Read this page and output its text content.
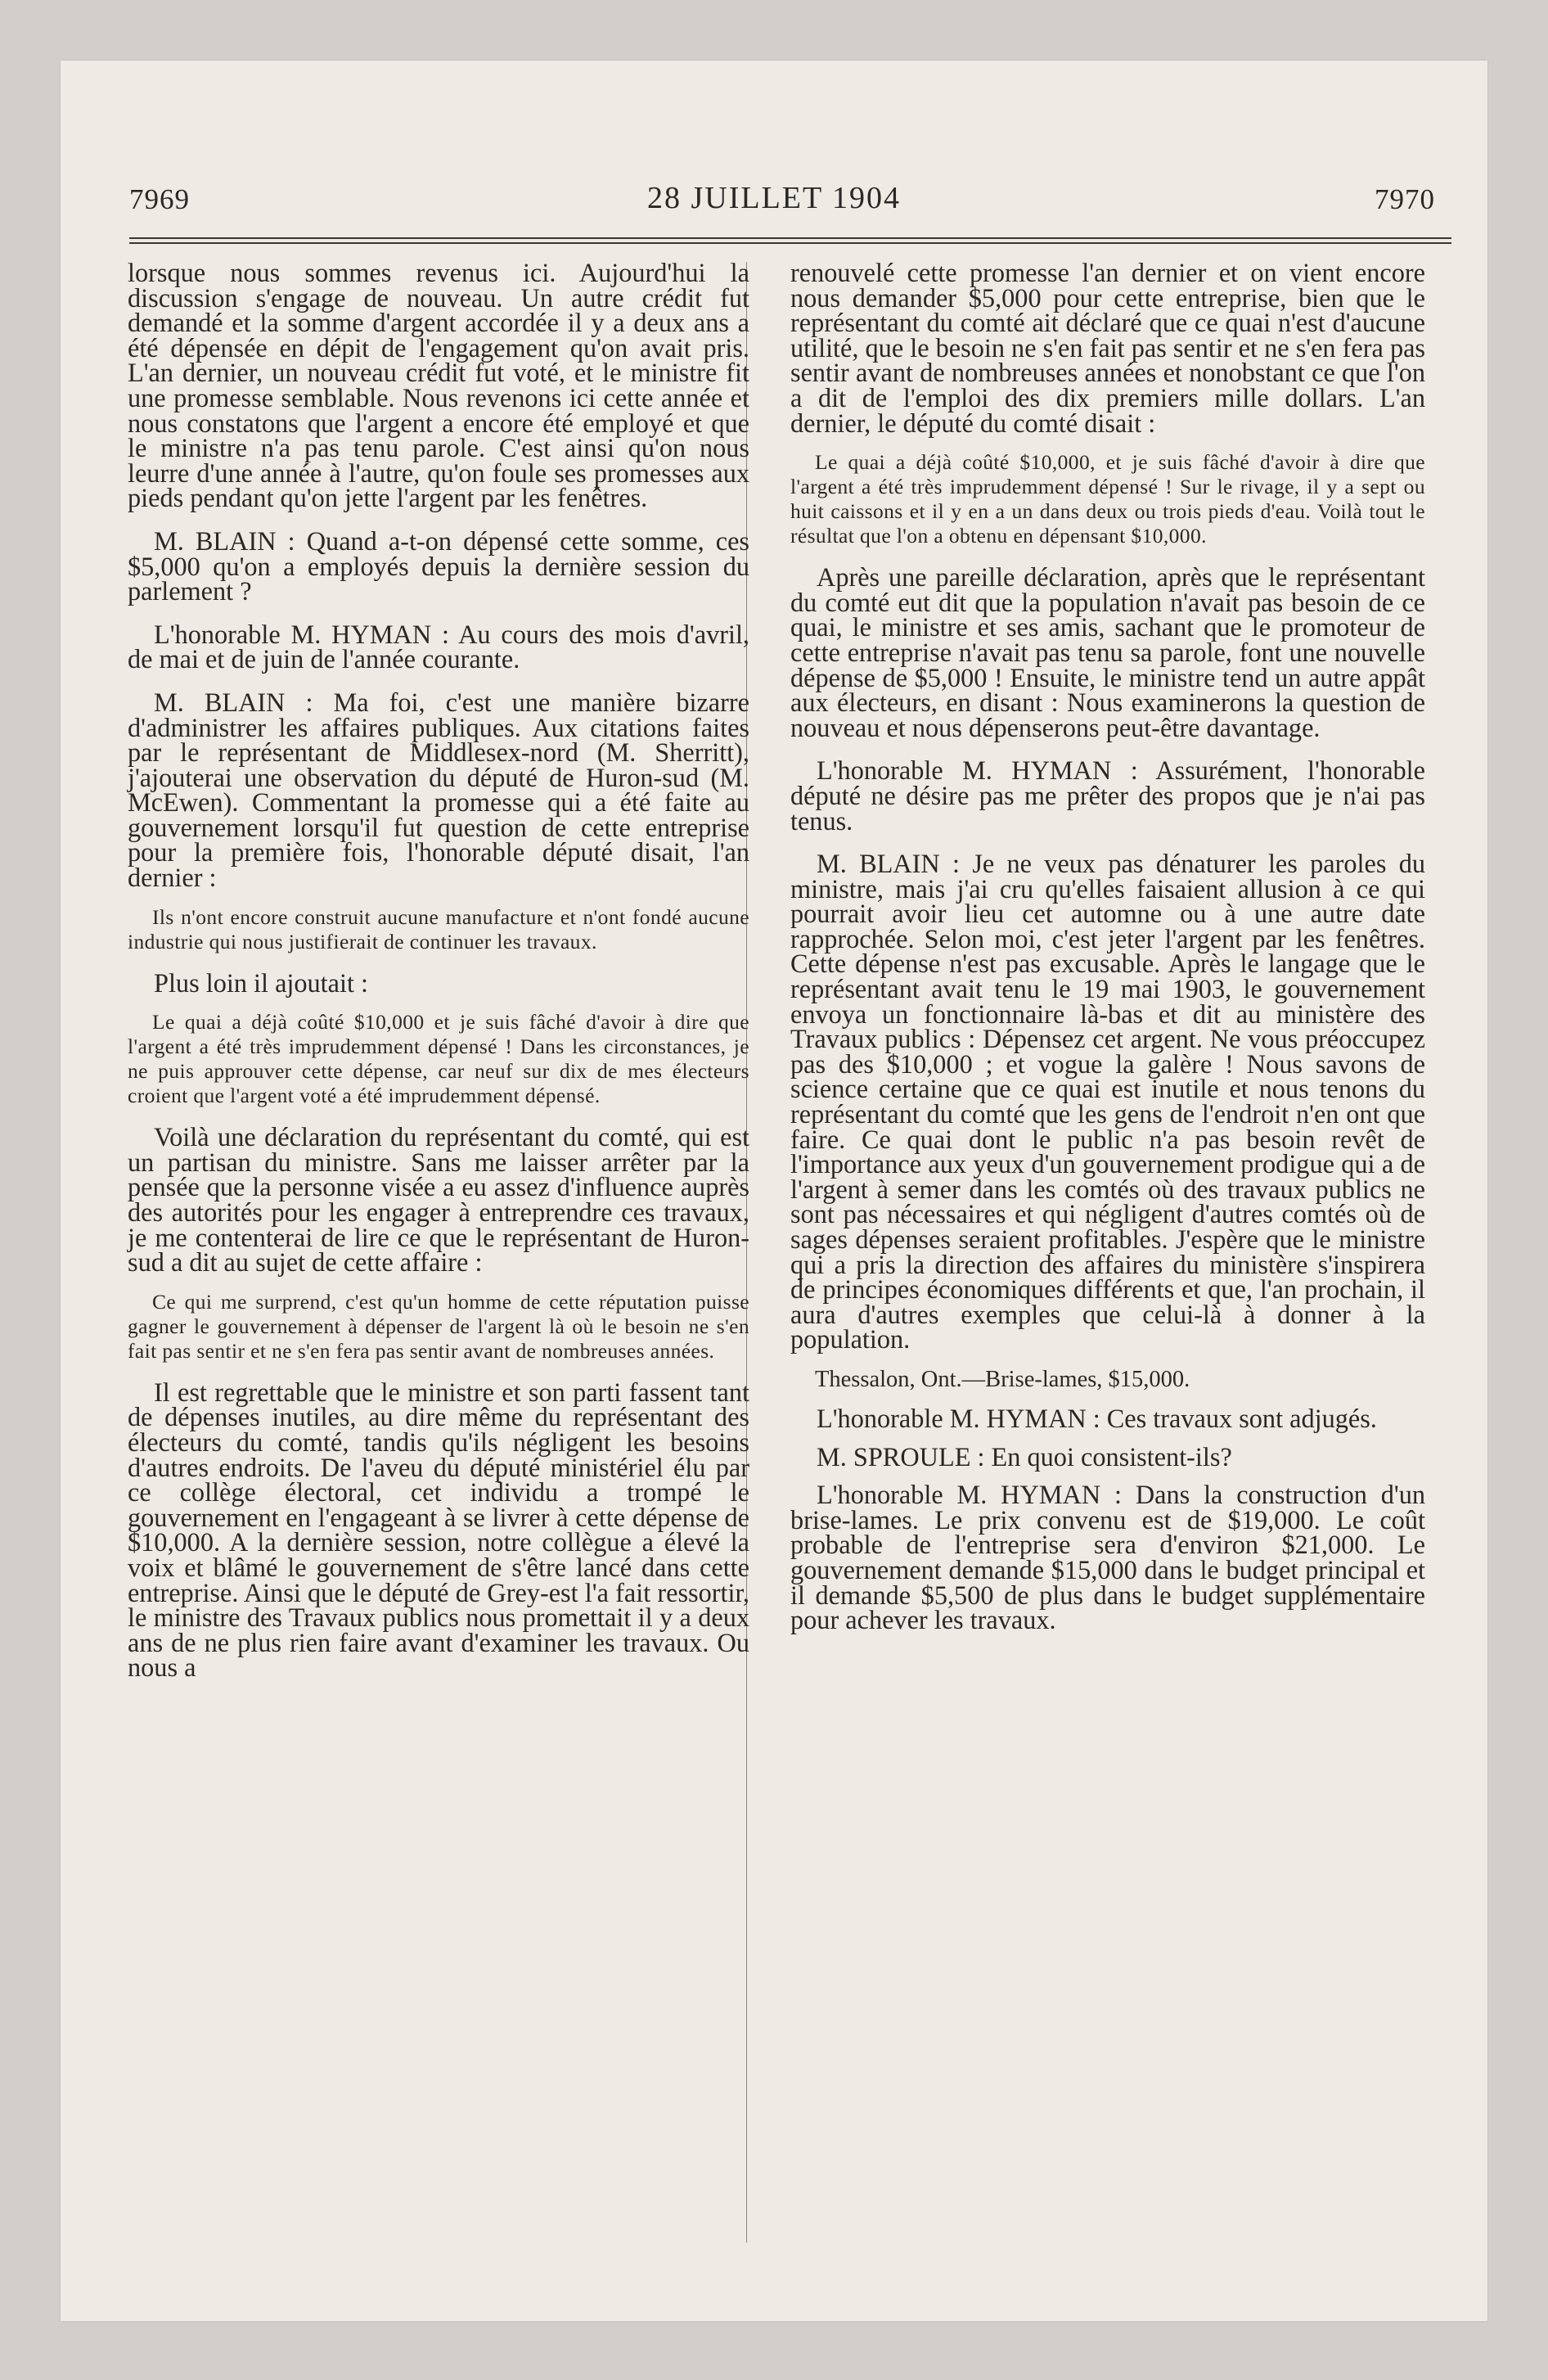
7969	28 JUILLET 1904	7970

lorsque nous sommes revenus ici. Aujourd'hui la discussion s'engage de nouveau. Un autre crédit fut demandé et la somme d'argent accordée il y a deux ans a été dépensée en dépit de l'engagement qu'on avait pris. L'an dernier, un nouveau crédit fut voté, et le ministre fit une promesse semblable. Nous revenons ici cette année et nous constatons que l'argent a encore été employé et que le ministre n'a pas tenu parole. C'est ainsi qu'on nous leurre d'une année à l'autre, qu'on foule ses promesses aux pieds pendant qu'on jette l'argent par les fenêtres.

M. BLAIN : Quand a-t-on dépensé cette somme, ces $5,000 qu'on a employés depuis la dernière session du parlement ?

L'honorable M. HYMAN : Au cours des mois d'avril, de mai et de juin de l'année courante.

M. BLAIN : Ma foi, c'est une manière bizarre d'administrer les affaires publiques. Aux citations faites par le représentant de Middlesex-nord (M. Sherritt), j'ajouterai une observation du député de Huron-sud (M. McEwen). Commentant la promesse qui a été faite au gouvernement lorsqu'il fut question de cette entreprise pour la première fois, l'honorable député disait, l'an dernier :

Ils n'ont encore construit aucune manufacture et n'ont fondé aucune industrie qui nous justifierait de continuer les travaux.

Plus loin il ajoutait :

Le quai a déjà coûté $10,000 et je suis fâché d'avoir à dire que l'argent a été très imprudemment dépensé ! Dans les circonstances, je ne puis approuver cette dépense, car neuf sur dix de mes électeurs croient que l'argent voté a été imprudemment dépensé.

Voilà une déclaration du représentant du comté, qui est un partisan du ministre. Sans me laisser arrêter par la pensée que la personne visée a eu assez d'influence auprès des autorités pour les engager à entreprendre ces travaux, je me contenterai de lire ce que le représentant de Huron-sud a dit au sujet de cette affaire :

Ce qui me surprend, c'est qu'un homme de cette réputation puisse gagner le gouvernement à dépenser de l'argent là où le besoin ne s'en fait pas sentir et ne s'en fera pas sentir avant de nombreuses années.

Il est regrettable que le ministre et son parti fassent tant de dépenses inutiles, au dire même du représentant des électeurs du comté, tandis qu'ils négligent les besoins d'autres endroits. De l'aveu du député ministériel élu par ce collège électoral, cet individu a trompé le gouvernement en l'engageant à se livrer à cette dépense de $10,000. A la dernière session, notre collègue a élevé la voix et blâmé le gouvernement de s'être lancé dans cette entreprise. Ainsi que le député de Grey-est l'a fait ressortir, le ministre des Travaux publics nous promettait il y a deux ans de ne plus rien faire avant d'examiner les travaux. Ou nous a

renouvelé cette promesse l'an dernier et on vient encore nous demander $5,000 pour cette entreprise, bien que le représentant du comté ait déclaré que ce quai n'est d'aucune utilité, que le besoin ne s'en fait pas sentir et ne s'en fera pas sentir avant de nombreuses années et nonobstant ce que l'on a dit de l'emploi des dix premiers mille dollars. L'an dernier, le député du comté disait :

Le quai a déjà coûté $10,000, et je suis fâché d'avoir à dire que l'argent a été très imprudemment dépensé ! Sur le rivage, il y a sept ou huit caissons et il y en a un dans deux ou trois pieds d'eau. Voilà tout le résultat que l'on a obtenu en dépensant $10,000.

Après une pareille déclaration, après que le représentant du comté eut dit que la population n'avait pas besoin de ce quai, le ministre et ses amis, sachant que le promoteur de cette entreprise n'avait pas tenu sa parole, font une nouvelle dépense de $5,000 ! Ensuite, le ministre tend un autre appât aux électeurs, en disant : Nous examinerons la question de nouveau et nous dépenserons peut-être davantage.

L'honorable M. HYMAN : Assurément, l'honorable député ne désire pas me prêter des propos que je n'ai pas tenus.

M. BLAIN : Je ne veux pas dénaturer les paroles du ministre, mais j'ai cru qu'elles faisaient allusion à ce qui pourrait avoir lieu cet automne ou à une autre date rapprochée. Selon moi, c'est jeter l'argent par les fenêtres. Cette dépense n'est pas excusable. Après le langage que le représentant avait tenu le 19 mai 1903, le gouvernement envoya un fonctionnaire là-bas et dit au ministère des Travaux publics : Dépensez cet argent. Ne vous préoccupez pas des $10,000 ; et vogue la galère ! Nous savons de science certaine que ce quai est inutile et nous tenons du représentant du comté que les gens de l'endroit n'en ont que faire. Ce quai dont le public n'a pas besoin revêt de l'importance aux yeux d'un gouvernement prodigue qui a de l'argent à semer dans les comtés où des travaux publics ne sont pas nécessaires et qui négligent d'autres comtés où de sages dépenses seraient profitables. J'espère que le ministre qui a pris la direction des affaires du ministère s'inspirera de principes économiques différents et que, l'an prochain, il aura d'autres exemples que celui-là à donner à la population.

Thessalon, Ont.—Brise-lames, $15,000.

L'honorable M. HYMAN : Ces travaux sont adjugés.

M. SPROULE : En quoi consistent-ils?

L'honorable M. HYMAN : Dans la construction d'un brise-lames. Le prix convenu est de $19,000. Le coût probable de l'entreprise sera d'environ $21,000. Le gouvernement demande $15,000 dans le budget principal et il demande $5,500 de plus dans le budget supplémentaire pour achever les travaux.
